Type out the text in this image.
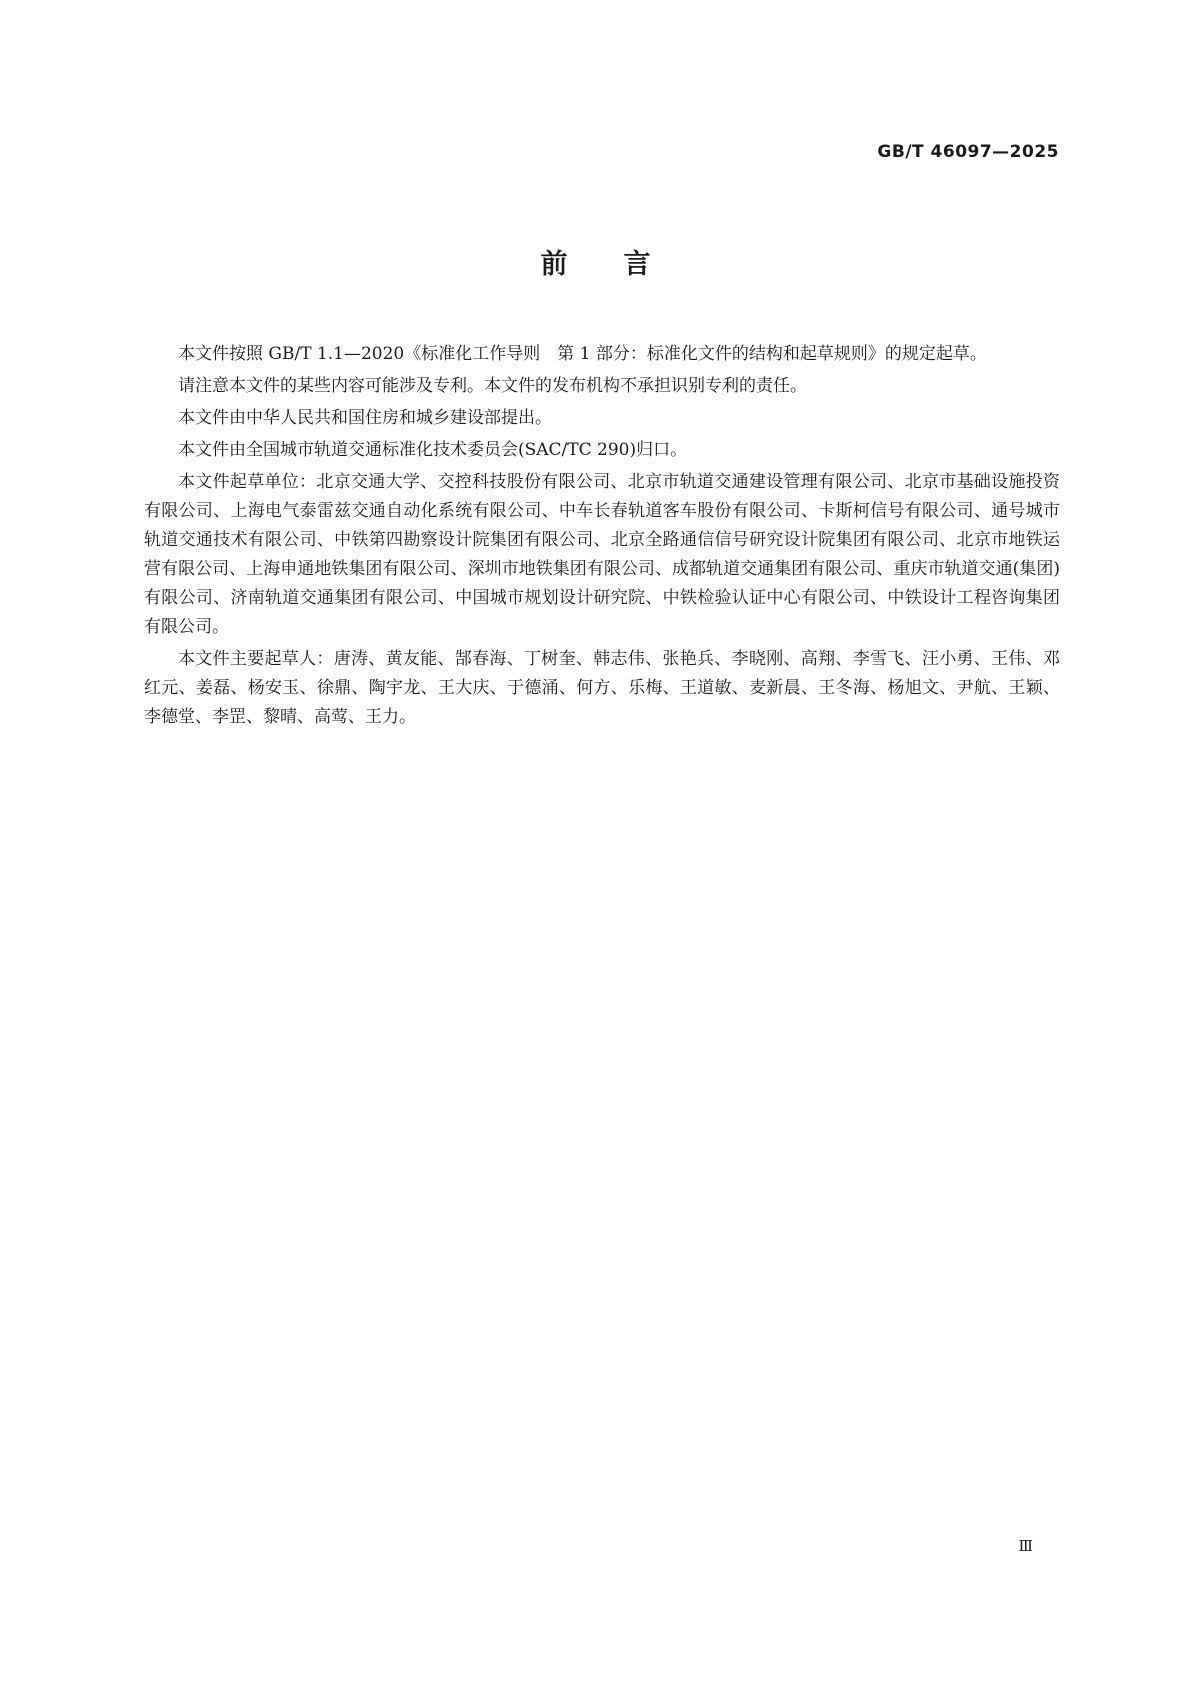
GB/T 46097—2025
前言

本文件按照 GB/T 1.1—2020《标准化工作导则　第 1 部分：标准化文件的结构和起草规则》的规定起草。

请注意本文件的某些内容可能涉及专利。本文件的发布机构不承担识别专利的责任。

本文件由中华人民共和国住房和城乡建设部提出。

本文件由全国城市轨道交通标准化技术委员会(SAC/TC 290)归口。

本文件起草单位：北京交通大学、交控科技股份有限公司、北京市轨道交通建设管理有限公司、北京市基础设施投资有限公司、上海电气泰雷兹交通自动化系统有限公司、中车长春轨道客车股份有限公司、卡斯柯信号有限公司、通号城市轨道交通技术有限公司、中铁第四勘察设计院集团有限公司、北京全路通信信号研究设计院集团有限公司、北京市地铁运营有限公司、上海申通地铁集团有限公司、深圳市地铁集团有限公司、成都轨道交通集团有限公司、重庆市轨道交通(集团)有限公司、济南轨道交通集团有限公司、中国城市规划设计研究院、中铁检验认证中心有限公司、中铁设计工程咨询集团有限公司。

本文件主要起草人：唐涛、黄友能、郜春海、丁树奎、韩志伟、张艳兵、李晓刚、高翔、李雪飞、汪小勇、王伟、邓红元、姜磊、杨安玉、徐鼎、陶宇龙、王大庆、于德涌、何方、乐梅、王道敏、麦新晨、王冬海、杨旭文、尹航、王颖、李德堂、李罡、黎晴、高莺、王力。

Ⅲ
